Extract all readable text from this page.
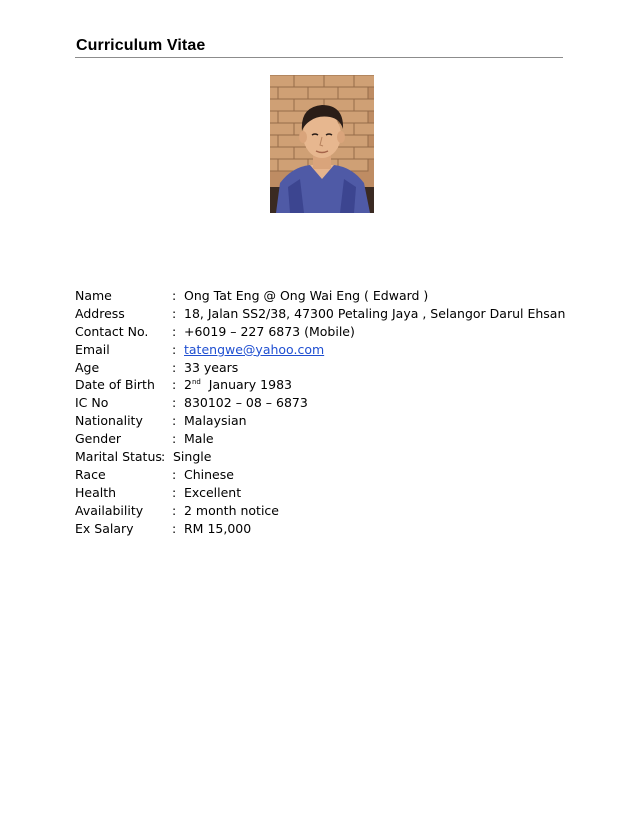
Curriculum Vitae
Name	: Ong Tat Eng @ Ong Wai Eng ( Edward )
Address	: 18, Jalan SS2/38, 47300 Petaling Jaya , Selangor Darul Ehsan
Contact No. : +6019 – 227 6873 (Mobile)
Email	: tatengwe@yahoo.com
Age	: 33 years
Date of Birth : 2nd January 1983
IC No	: 830102 – 08 – 6873
Nationality : Malaysian
Gender	: Male
Marital Status : Single
Race	: Chinese
Health	: Excellent
Availability : 2 month notice
Ex Salary	: RM 15,000
